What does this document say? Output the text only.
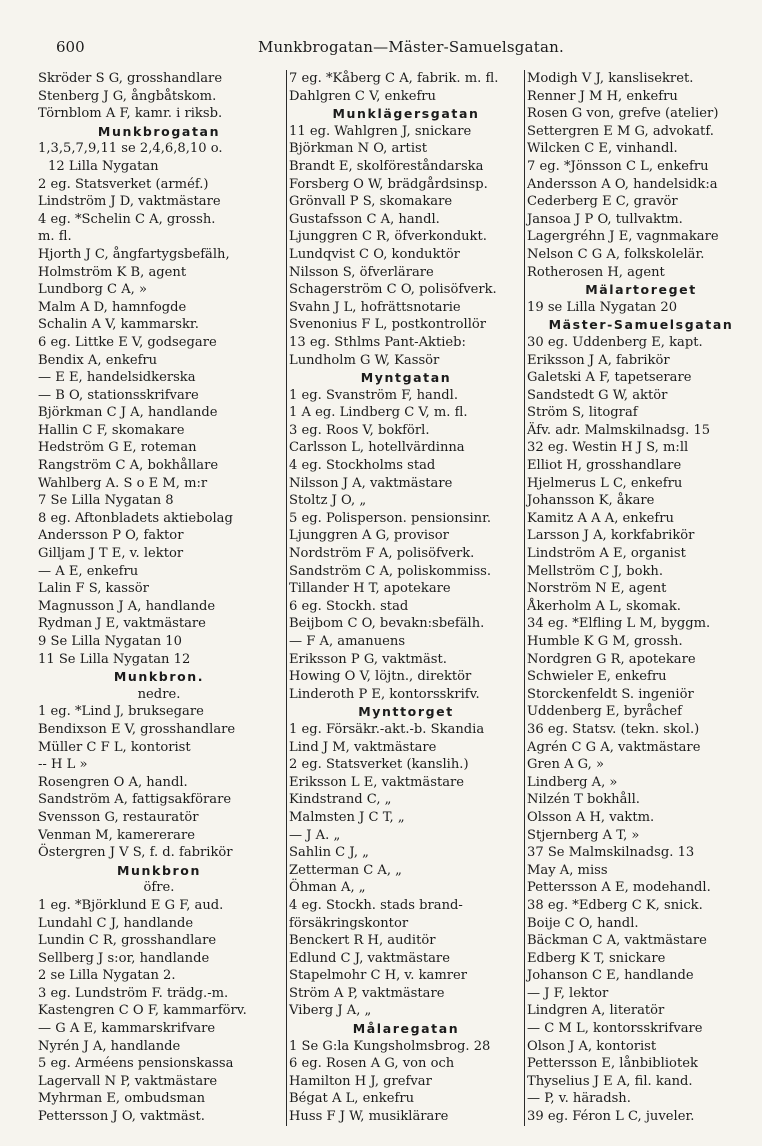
600	Munkbrogatan—Mäster-Samuelsgatan.
Skröder S G, grosshandlare
Stenberg J G, ångbåtskom.
Törnblom A F, kamr. i riksb.
Munkbrogatan
1,3,5,7,9,11 se 2,4,6,8,10 o.
12 Lilla Nygatan
2 eg. Statsverket (arméf.)
Lindström J D, vaktmästare
4 eg. *Schelin C A, grossh.
m. fl.
Hjorth J C, ångfartygsbefälh,
Holmström K B, agent
Lundborg C A, »
Malm A D, hamnfogde
Schalin A V, kammarskr.
6 eg. Littke E V, godsegare
Bendix A, enkefru
— E E, handelsidkerska
— B O, stationsskrifvare
Björkman C J A, handlande
Hallin C F, skomakare
Hedström G E, roteman
Rangström C A, bokhållare
Wahlberg A. S o E M, m:r
7 Se Lilla Nygatan 8
8 eg. Aftonbladets aktiebolag
Andersson P O, faktor
Gilljam J T E, v. lektor
— A E, enkefru
Lalin F S, kassör
Magnusson J A, handlande
Rydman J E, vaktmästare
9 Se Lilla Nygatan 10
11 Se Lilla Nygatan 12
Munkbron.
nedre.
1 eg. *Lind J, bruksegare
Bendixson E V, grosshandlare
Müller C F L, kontorist
-- H L »
Rosengren O A, handl.
Sandström A, fattigsakförare
Svensson G, restauratör
Venman M, kamererare
Östergren J V S, f. d. fabrikör
Munkbron
öfre.
1 eg. *Björklund E G F, aud.
Lundahl C J, handlande
Lundin C R, grosshandlare
Sellberg J s:or, handlande
2 se Lilla Nygatan 2.
3 eg. Lundström F. trädg.-m.
Kastengren C O F, kammarförv.
— G A E, kammarskrifvare
Nyrén J A, handlande
5 eg. Arméens pensionskassa
Lagervall N P, vaktmästare
Myhrman E, ombudsman
Pettersson J O, vaktmäst.
7 eg. *Kåberg C A, fabrik. m. fl.
Dahlgren C V, enkefru
Munklägersgatan
11 eg. Wahlgren J, snickare
Björkman N O, artist
Brandt E, skolföreståndarska
Forsberg O W, brädgårdsinsp.
Grönvall P S, skomakare
Gustafsson C A, handl.
Ljunggren C R, öfverkondukt.
Lundqvist C O, konduktör
Nilsson S, öfverlärare
Schagerström C O, polisöfverk.
Svahn J L, hofrättsnotarie
Svenonius F L, postkontrollör
13 eg. Sthlms Pant-Aktieb:
Lundholm G W, Kassör
Myntgatan
1 eg. Svanström F, handl.
1 A eg. Lindberg C V, m. fl.
3 eg. Roos V, bokförl.
Carlsson L, hotellvärdinna
4 eg. Stockholms stad
Nilsson J A, vaktmästare
Stoltz J O, „
5 eg. Polisperson. pensionsinr.
Ljunggren A G, provisor
Nordström F A, polisöfverk.
Sandström C A, poliskommiss.
Tillander H T, apotekare
6 eg. Stockh. stad
Beijbom C O, bevakn:sbefälh.
— F A, amanuens
Eriksson P G, vaktmäst.
Howing O V, löjtn., direktör
Linderoth P E, kontorsskrifv.
Mynttorget
1 eg. Försäkr.-akt.-b. Skandia
Lind J M, vaktmästare
2 eg. Statsverket (kanslih.)
Eriksson L E, vaktmästare
Kindstrand C, „
Malmsten J C T, „
— J A. „
Sahlin C J, „
Zetterman C A, „
Öhman A, „
4 eg. Stockh. stads brand-
försäkringskontor
Benckert R H, auditör
Edlund C J, vaktmästare
Stapelmohr C H, v. kamrer
Ström A P, vaktmästare
Viberg J A, „
Målaregatan
1 Se G:la Kungsholmsbrog. 28
6 eg. Rosen A G, von och
Hamilton H J, grefvar
Bégat A L, enkefru
Huss F J W, musiklärare
Modigh V J, kanslisekret.
Renner J M H, enkefru
Rosen G von, grefve (atelier)
Settergren E M G, advokatf.
Wilcken C E, vinhandl.
7 eg. *Jönsson C L, enkefru
Andersson A O, handelsidk:a
Cederberg E C, gravör
Jansoa J P O, tullvaktm.
Lagergréhn J E, vagnmakare
Nelson C G A, folkskolelär.
Rotherosen H, agent
Mälartoreget
19 se Lilla Nygatan 20
Mäster-Samuelsgatan
30 eg. Uddenberg E, kapt.
Eriksson J A, fabrikör
Galetski A F, tapetserare
Sandstedt G W, aktör
Ström S, litograf
Äfv. adr. Malmskilnadsg. 15
32 eg. Westin H J S, m:ll
Elliot H, grosshandlare
Hjelmerus L C, enkefru
Johansson K, åkare
Kamitz A A A, enkefru
Larsson J A, korkfabrikör
Lindström A E, organist
Mellström C J, bokh.
Norström N E, agent
Åkerholm A L, skomak.
34 eg. *Elfling L M, byggm.
Humble K G M, grossh.
Nordgren G R, apotekare
Schwieler E, enkefru
Storckenfeldt S. ingeniör
Uddenberg E, byråchef
36 eg. Statsv. (tekn. skol.)
Agrén C G A, vaktmästare
Gren A G, »
Lindberg A, »
Nilzén T bokhåll.
Olsson A H, vaktm.
Stjernberg A T, »
37 Se Malmskilnadsg. 13
May A, miss
Pettersson A E, modehandl.
38 eg. *Edberg C K, snick.
Boije C O, handl.
Bäckman C A, vaktmästare
Edberg K T, snickare
Johanson C E, handlande
— J F, lektor
Lindgren A, literatör
— C M L, kontorsskrifvare
Olson J A, kontorist
Pettersson E, lånbibliotek
Thyselius J E A, fil. kand.
— P, v. häradsh.
39 eg. Féron L C, juveler.
